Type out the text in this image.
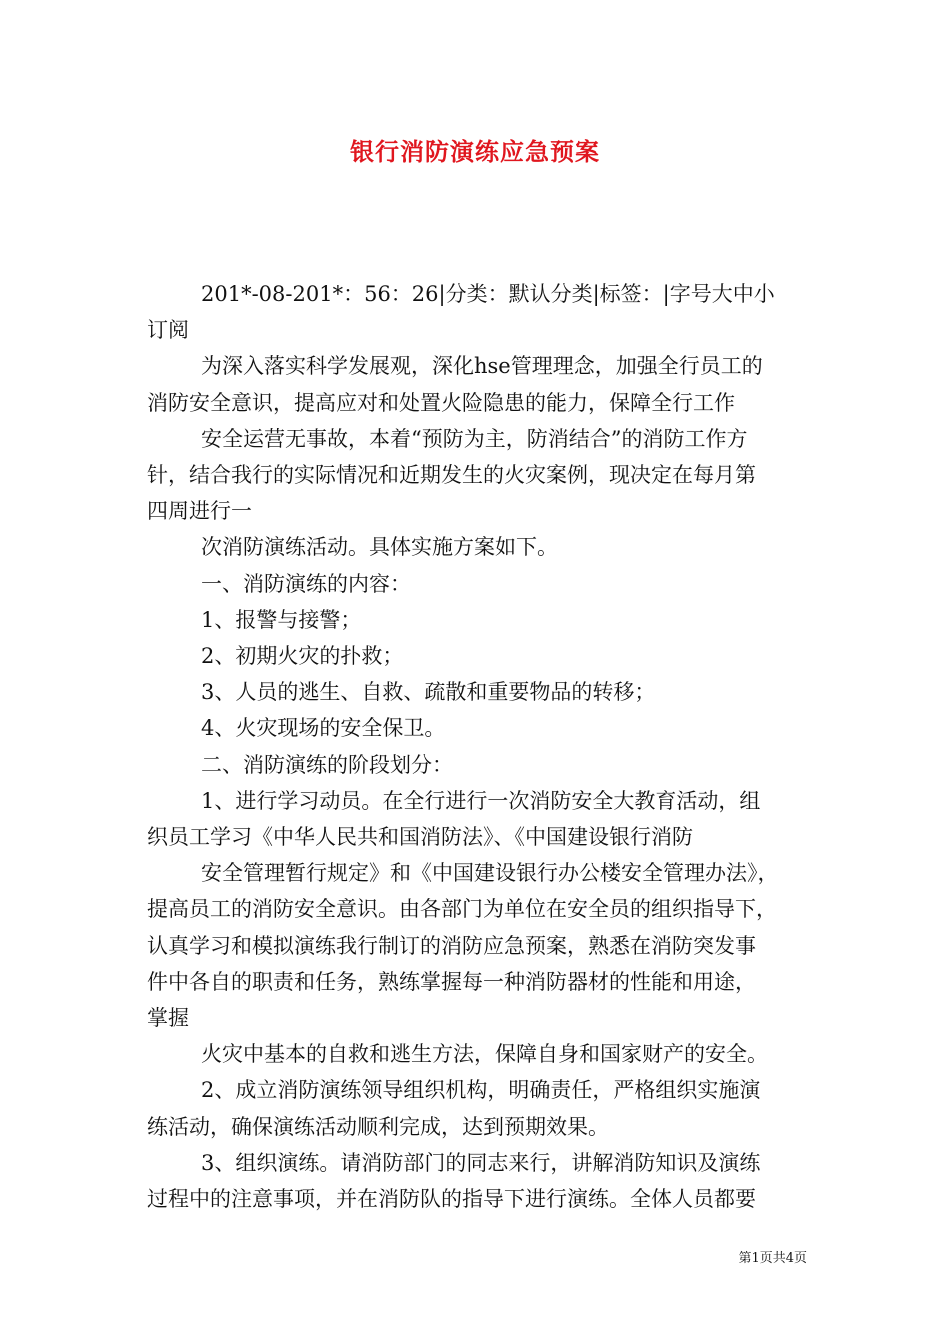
银行消防演练应急预案

201*-08-201*：56：26|分类：默认分类|标签：|字号大中小

订阅

为深入落实科学发展观，深化hse管理理念，加强全行员工的

消防安全意识，提高应对和处置火险隐患的能力，保障全行工作

安全运营无事故，本着“预防为主，防消结合”的消防工作方

针，结合我行的实际情况和近期发生的火灾案例，现决定在每月第

四周进行一

次消防演练活动。具体实施方案如下。

一、消防演练的内容：

1、报警与接警；

2、初期火灾的扑救；

3、人员的逃生、自救、疏散和重要物品的转移；

4、火灾现场的安全保卫。

二、消防演练的阶段划分：

1、进行学习动员。在全行进行一次消防安全大教育活动，组

织员工学习《中华人民共和国消防法》、《中国建设银行消防

安全管理暂行规定》和《中国建设银行办公楼安全管理办法》，

提高员工的消防安全意识。由各部门为单位在安全员的组织指导下，

认真学习和模拟演练我行制订的消防应急预案，熟悉在消防突发事

件中各自的职责和任务，熟练掌握每一种消防器材的性能和用途，

掌握

火灾中基本的自救和逃生方法，保障自身和国家财产的安全。

2、成立消防演练领导组织机构，明确责任，严格组织实施演

练活动，确保演练活动顺利完成，达到预期效果。

3、组织演练。请消防部门的同志来行，讲解消防知识及演练

过程中的注意事项，并在消防队的指导下进行演练。全体人员都要

第1页共4页
